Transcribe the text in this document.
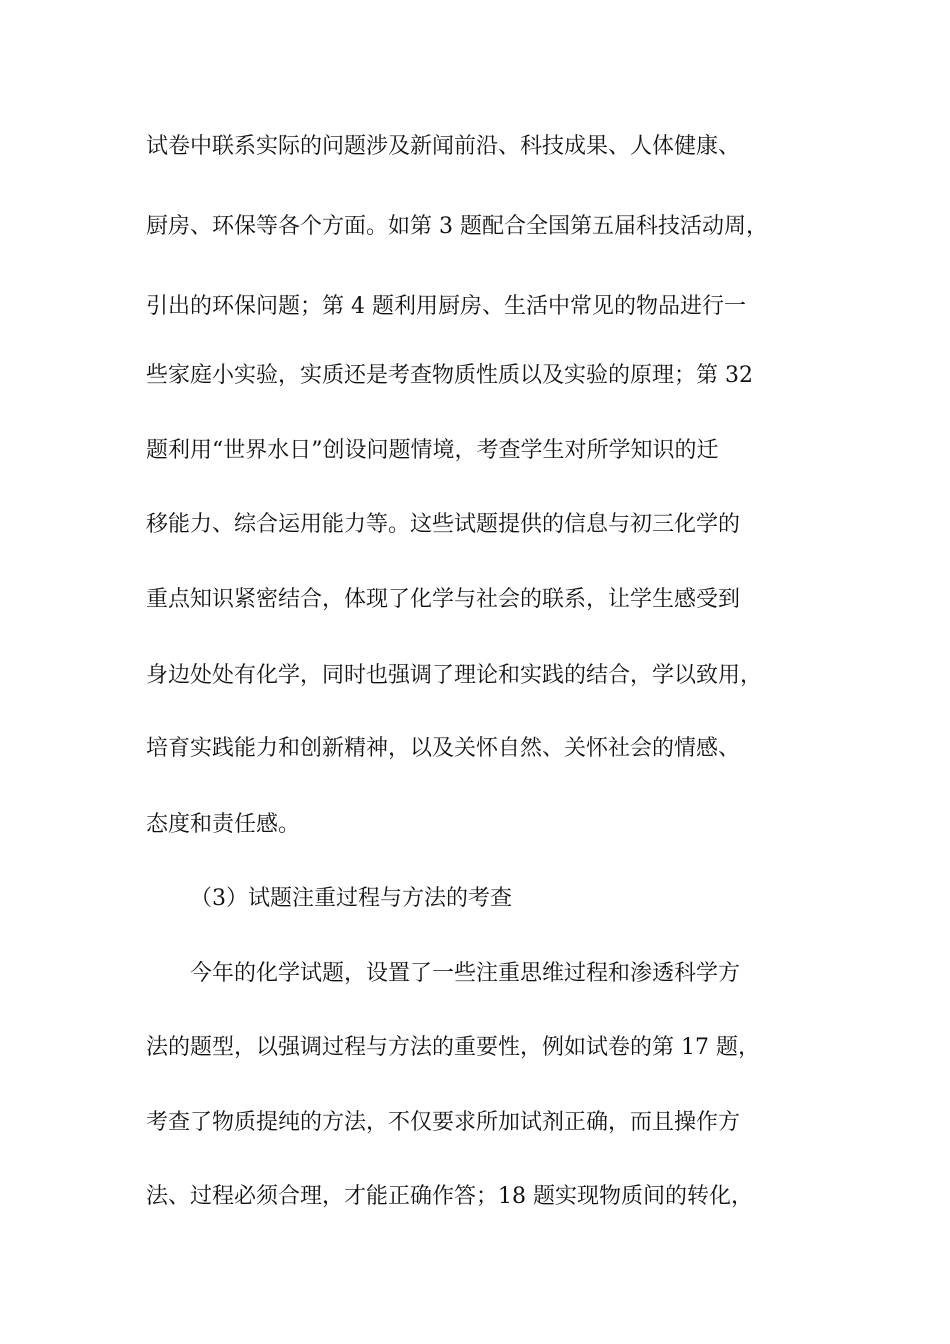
试卷中联系实际的问题涉及新闻前沿、科技成果、人体健康、

厨房、环保等各个方面。如第 3 题配合全国第五届科技活动周，

引出的环保问题；第 4 题利用厨房、生活中常见的物品进行一

些家庭小实验，实质还是考查物质性质以及实验的原理；第 32

题利用“世界水日”创设问题情境，考查学生对所学知识的迁

移能力、综合运用能力等。这些试题提供的信息与初三化学的

重点知识紧密结合，体现了化学与社会的联系，让学生感受到

身边处处有化学，同时也强调了理论和实践的结合，学以致用，

培育实践能力和创新精神，以及关怀自然、关怀社会的情感、

态度和责任感。

（3）试题注重过程与方法的考查

今年的化学试题，设置了一些注重思维过程和渗透科学方

法的题型，以强调过程与方法的重要性，例如试卷的第 17 题，

考查了物质提纯的方法，不仅要求所加试剂正确，而且操作方

法、过程必须合理，才能正确作答；18 题实现物质间的转化，
